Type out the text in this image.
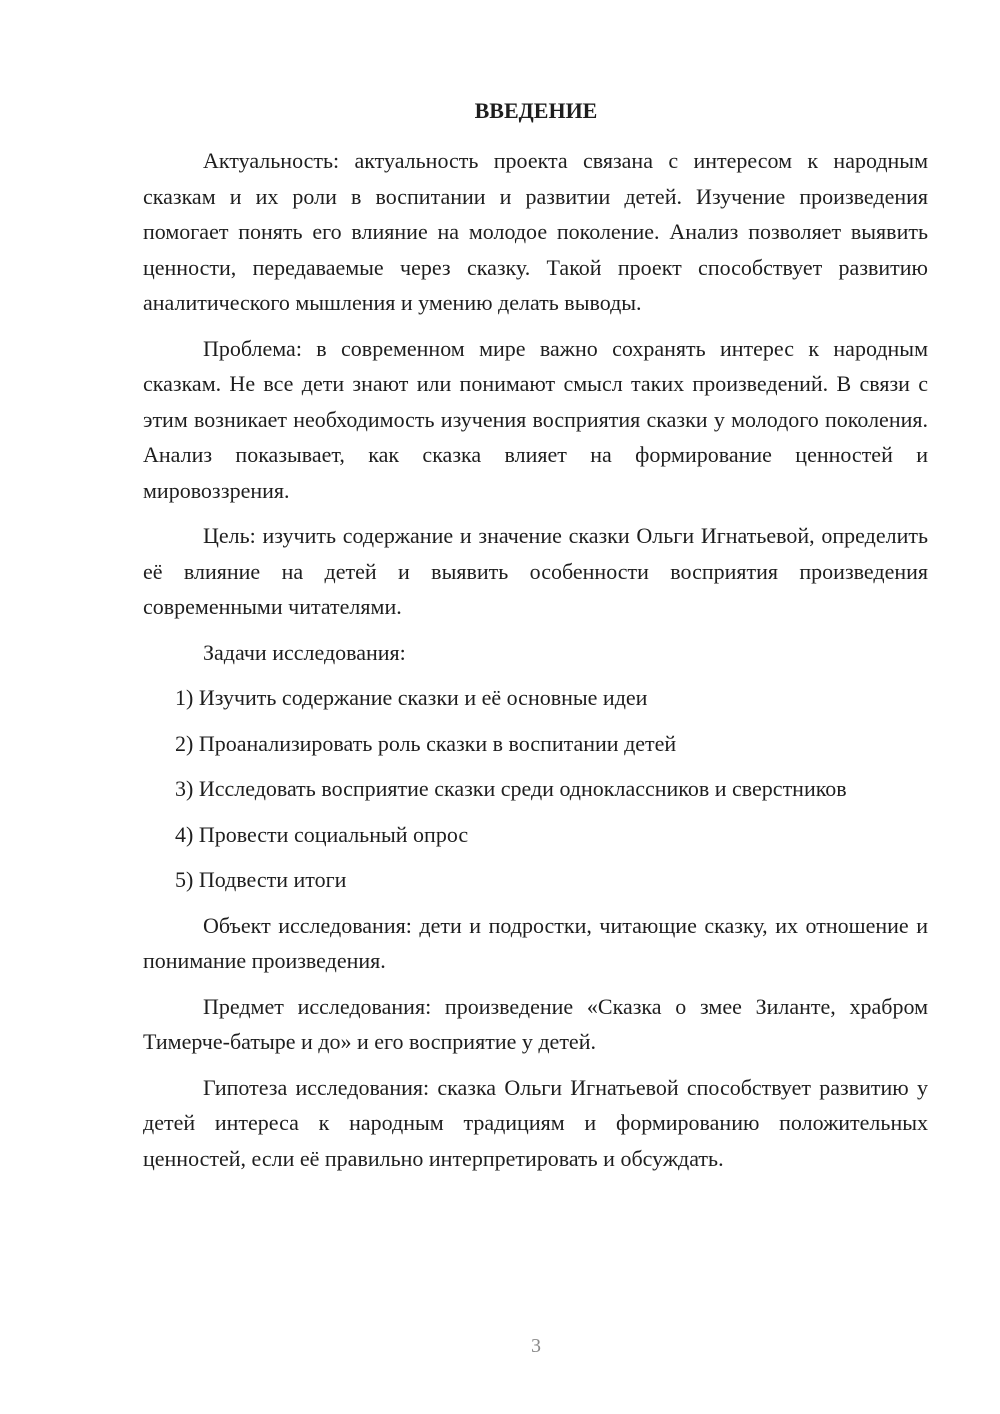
ВВЕДЕНИЕ

Актуальность: актуальность проекта связана с интересом к народным сказкам и их роли в воспитании и развитии детей. Изучение произведения помогает понять его влияние на молодое поколение. Анализ позволяет выявить ценности, передаваемые через сказку. Такой проект способствует развитию аналитического мышления и умению делать выводы.

Проблема: в современном мире важно сохранять интерес к народным сказкам. Не все дети знают или понимают смысл таких произведений. В связи с этим возникает необходимость изучения восприятия сказки у молодого поколения. Анализ показывает, как сказка влияет на формирование ценностей и мировоззрения.

Цель: изучить содержание и значение сказки Ольги Игнатьевой, определить её влияние на детей и выявить особенности восприятия произведения современными читателями.

Задачи исследования:

1) Изучить содержание сказки и её основные идеи

2) Проанализировать роль сказки в воспитании детей

3) Исследовать восприятие сказки среди одноклассников и сверстников

4) Провести социальный опрос

5) Подвести итоги

Объект исследования: дети и подростки, читающие сказку, их отношение и понимание произведения.

Предмет исследования: произведение «Сказка о змее Зиланте, храбром Тимерче-батыре и до» и его восприятие у детей.

Гипотеза исследования: сказка Ольги Игнатьевой способствует развитию у детей интереса к народным традициям и формированию положительных ценностей, если её правильно интерпретировать и обсуждать.

3
